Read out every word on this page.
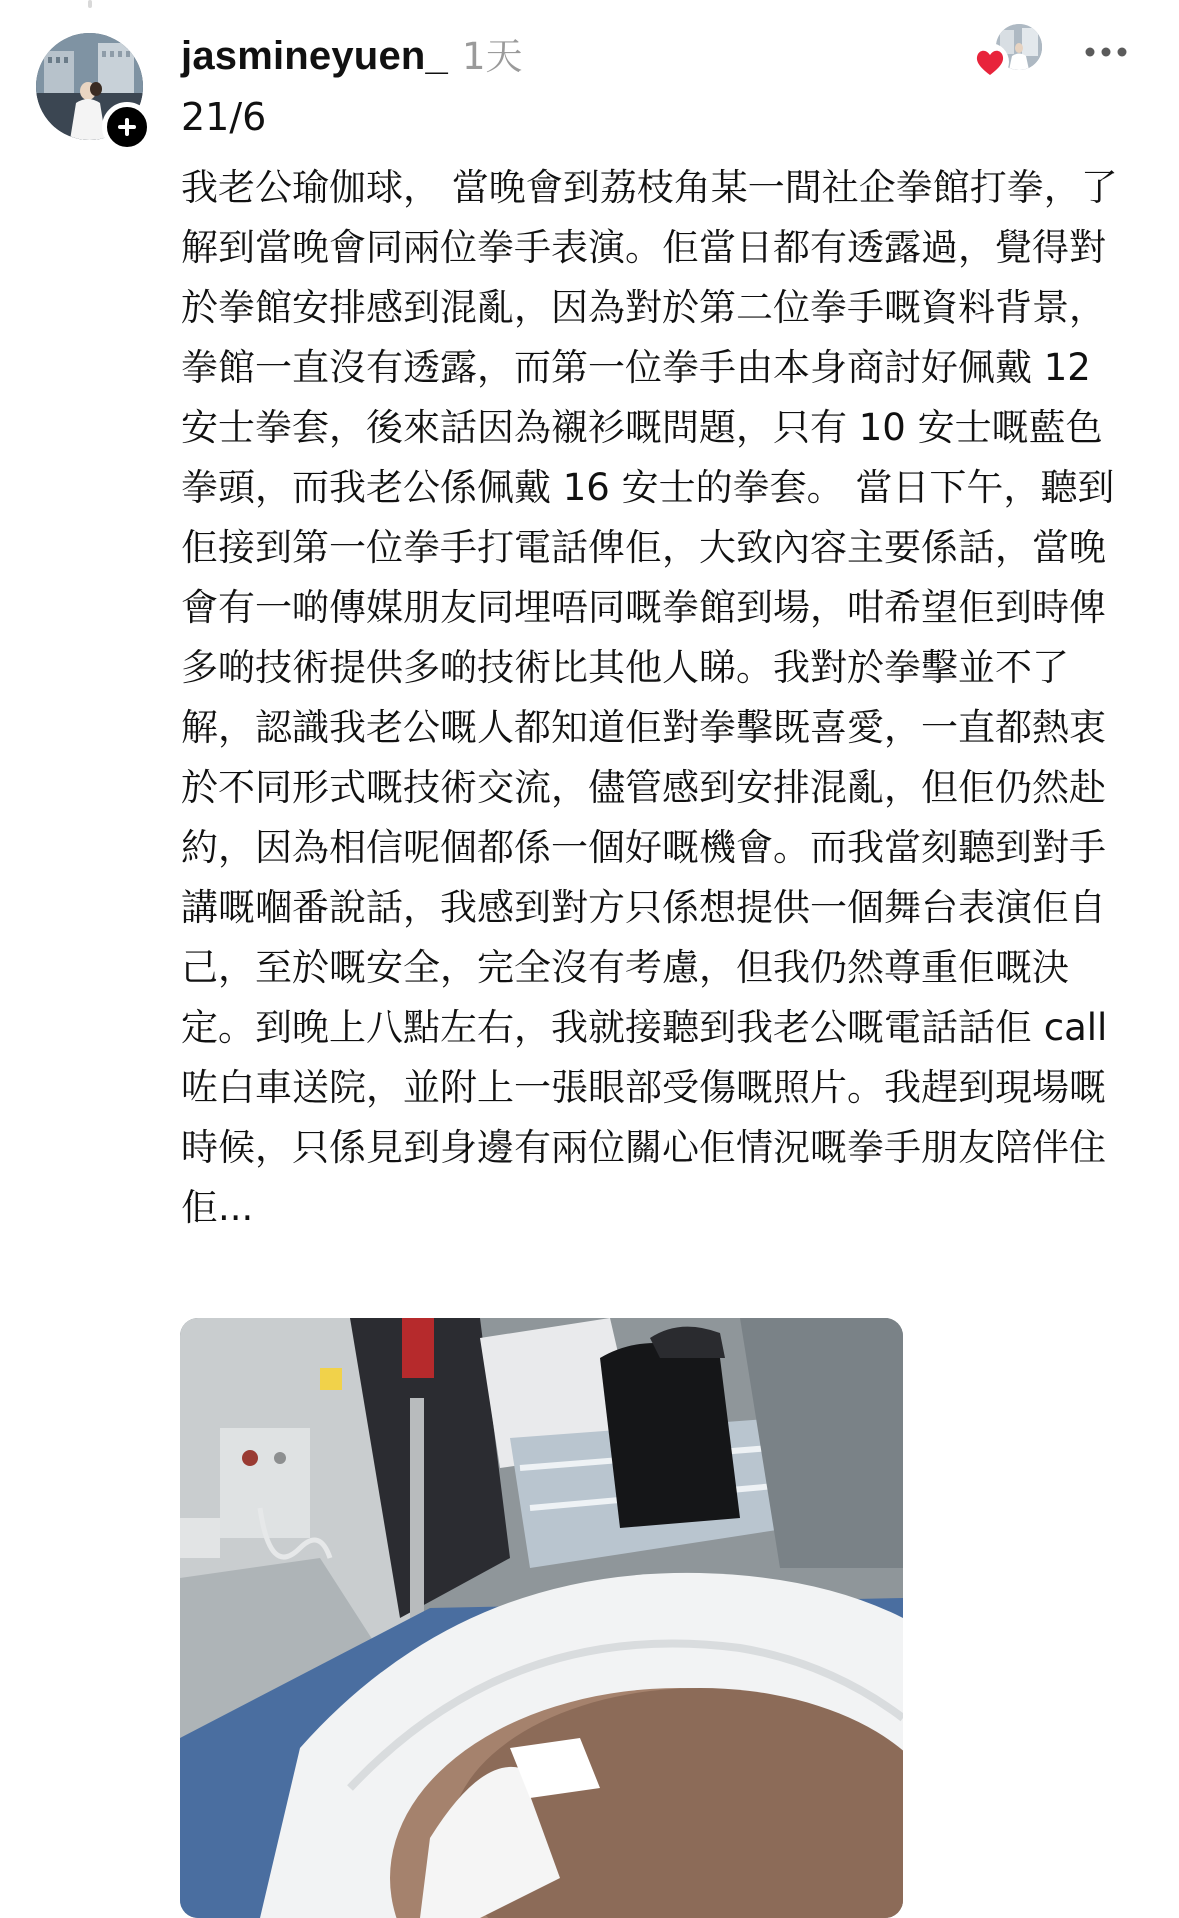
jasmineyuen_ 1天
21/6
我老公瑜伽球， 當晚會到荔枝角某一間社企拳館打拳，了解到當晚會同兩位拳手表演。佢當日都有透露過，覺得對於拳館安排感到混亂，因為對於第二位拳手嘅資料背景，拳館一直沒有透露，而第一位拳手由本身商討好佩戴 12 安士拳套，後來話因為襯衫嘅問題，只有 10 安士嘅藍色拳頭，而我老公係佩戴 16 安士的拳套。 當日下午，聽到佢接到第一位拳手打電話俾佢，大致內容主要係話，當晚會有一啲傳媒朋友同埋唔同嘅拳館到場，咁希望佢到時俾多啲技術提供多啲技術比其他人睇。我對於拳擊並不了解，認識我老公嘅人都知道佢對拳擊既喜愛，一直都熱衷於不同形式嘅技術交流，儘管感到安排混亂，但佢仍然赴約，因為相信呢個都係一個好嘅機會。而我當刻聽到對手講嘅嗰番說話，我感到對方只係想提供一個舞台表演佢自己，至於嘅安全，完全沒有考慮，但我仍然尊重佢嘅決定。到晚上八點左右，我就接聽到我老公嘅電話話佢 call 咗白車送院，並附上一張眼部受傷嘅照片。我趕到現場嘅時候，只係見到身邊有兩位關心佢情況嘅拳手朋友陪伴住佢...
